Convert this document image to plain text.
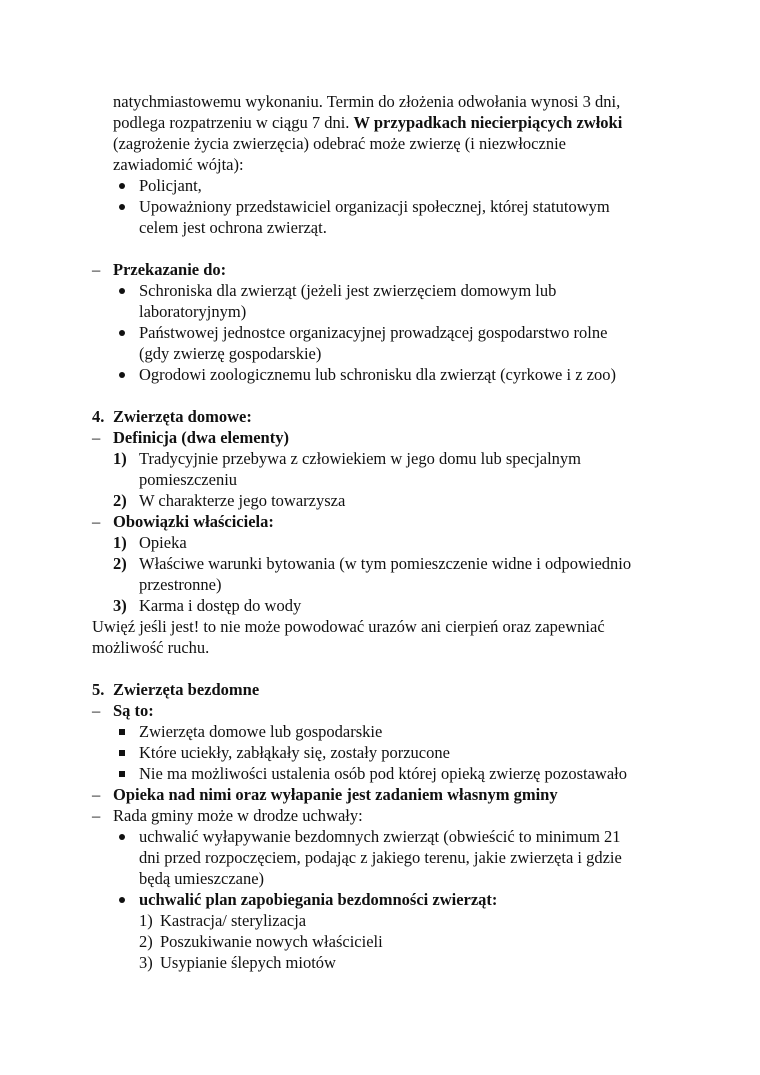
natychmiastowemu wykonaniu. Termin do złożenia odwołania wynosi 3 dni,
podlega rozpatrzeniu w ciągu 7 dni. W przypadkach niecierpiących zwłoki
(zagrożenie życia zwierzęcia) odebrać może zwierzę (i niezwłocznie
zawiadomić wójta):
Policjant,
Upoważniony przedstawiciel organizacji społecznej, której statutowym
celem jest ochrona zwierząt.
– Przekazanie do:
Schroniska dla zwierząt (jeżeli jest zwierzęciem domowym lub
laboratoryjnym)
Państwowej jednostce organizacyjnej prowadzącej gospodarstwo rolne
(gdy zwierzę gospodarskie)
Ogrodowi zoologicznemu lub schronisku dla zwierząt (cyrkowe i z zoo)
4. Zwierzęta domowe:
– Definicja (dwa elementy)
1) Tradycyjnie przebywa z człowiekiem w jego domu lub specjalnym
pomieszczeniu
2) W charakterze jego towarzysza
– Obowiązki właściciela:
1) Opieka
2) Właściwe warunki bytowania (w tym pomieszczenie widne i odpowiednio
przestronne)
3) Karma i dostęp do wody
Uwięź jeśli jest! to nie może powodować urazów ani cierpień oraz zapewniać
możliwość ruchu.
5. Zwierzęta bezdomne
– Są to:
Zwierzęta domowe lub gospodarskie
Które uciekły, zabłąkały się, zostały porzucone
Nie ma możliwości ustalenia osób pod której opieką zwierzę pozostawało
– Opieka nad nimi oraz wyłapanie jest zadaniem własnym gminy
– Rada gminy może w drodze uchwały:
uchwalić wyłapywanie bezdomnych zwierząt (obwieścić to minimum 21
dni przed rozpoczęciem, podając z jakiego terenu, jakie zwierzęta i gdzie
będą umieszczane)
uchwalić plan zapobiegania bezdomności zwierząt:
1) Kastracja/ sterylizacja
2) Poszukiwanie nowych właścicieli
3) Usypianie ślepych miotów
